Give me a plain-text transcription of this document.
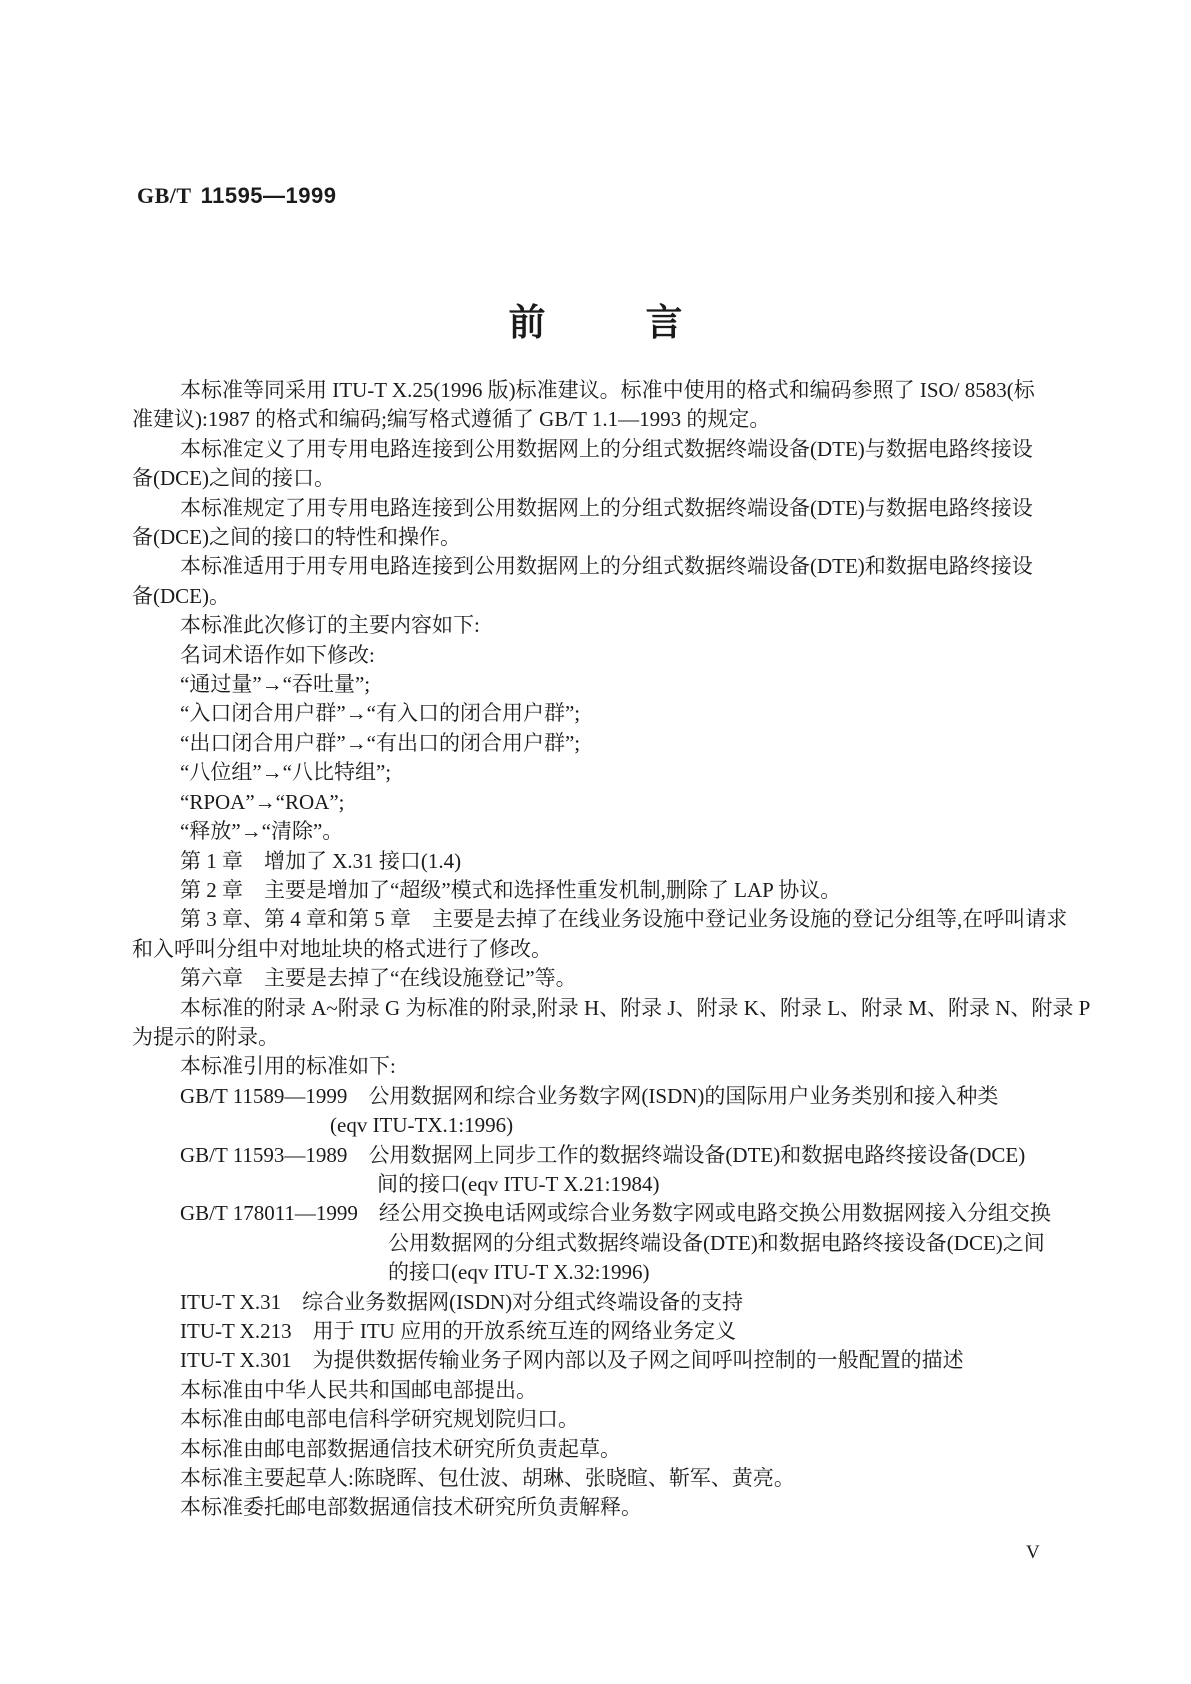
GB/T 11595—1999
前	言
本标准等同采用 ITU-T X.25(1996 版)标准建议。标准中使用的格式和编码参照了 ISO/ 8583(标
准建议):1987 的格式和编码;编写格式遵循了 GB/T 1.1—1993 的规定。
本标准定义了用专用电路连接到公用数据网上的分组式数据终端设备(DTE)与数据电路终接设
备(DCE)之间的接口。
本标准规定了用专用电路连接到公用数据网上的分组式数据终端设备(DTE)与数据电路终接设
备(DCE)之间的接口的特性和操作。
本标准适用于用专用电路连接到公用数据网上的分组式数据终端设备(DTE)和数据电路终接设
备(DCE)。
本标准此次修订的主要内容如下:
名词术语作如下修改:
“通过量”→“吞吐量”;
“入口闭合用户群”→“有入口的闭合用户群”;
“出口闭合用户群”→“有出口的闭合用户群”;
“八位组”→“八比特组”;
“RPOA”→“ROA”;
“释放”→“清除”。
第 1 章　增加了 X.31 接口(1.4)
第 2 章　主要是增加了“超级”模式和选择性重发机制,删除了 LAP 协议。
第 3 章、第 4 章和第 5 章　主要是去掉了在线业务设施中登记业务设施的登记分组等,在呼叫请求
和入呼叫分组中对地址块的格式进行了修改。
第六章　主要是去掉了“在线设施登记”等。
本标准的附录 A~附录 G 为标准的附录,附录 H、附录 J、附录 K、附录 L、附录 M、附录 N、附录 P
为提示的附录。
本标准引用的标准如下:
GB/T 11589—1999　公用数据网和综合业务数字网(ISDN)的国际用户业务类别和接入种类
(eqv ITU-TX.1:1996)
GB/T 11593—1989　公用数据网上同步工作的数据终端设备(DTE)和数据电路终接设备(DCE)
间的接口(eqv ITU-T X.21:1984)
GB/T 178011—1999　经公用交换电话网或综合业务数字网或电路交换公用数据网接入分组交换
公用数据网的分组式数据终端设备(DTE)和数据电路终接设备(DCE)之间
的接口(eqv ITU-T X.32:1996)
ITU-T X.31　综合业务数据网(ISDN)对分组式终端设备的支持
ITU-T X.213　用于 ITU 应用的开放系统互连的网络业务定义
ITU-T X.301　为提供数据传输业务子网内部以及子网之间呼叫控制的一般配置的描述
本标准由中华人民共和国邮电部提出。
本标准由邮电部电信科学研究规划院归口。
本标准由邮电部数据通信技术研究所负责起草。
本标准主要起草人:陈晓晖、包仕波、胡琳、张晓暄、靳军、黄亮。
本标准委托邮电部数据通信技术研究所负责解释。
V
